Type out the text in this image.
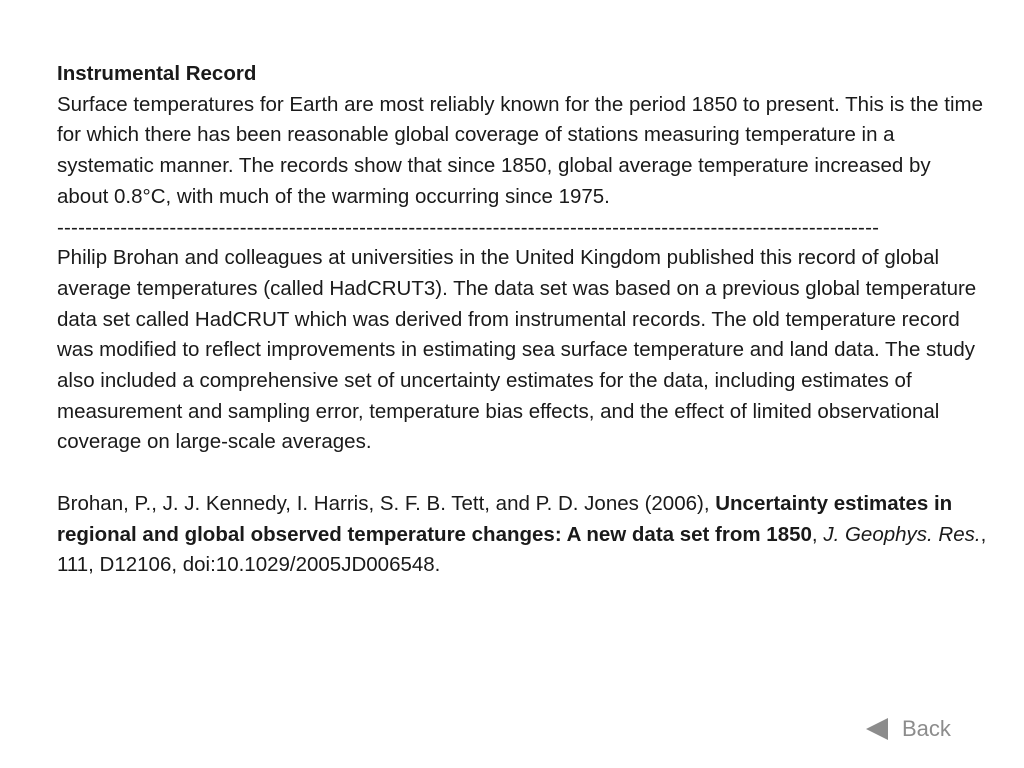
Instrumental Record
Surface temperatures for Earth are most reliably known for the period 1850 to present. This is the time for which there has been reasonable global coverage of stations measuring temperature in a systematic manner. The records show that since 1850, global average temperature increased by about 0.8°C, with much of the warming occurring since 1975.
---------------------------------------------------------------------------------------------------------------------
Philip Brohan and colleagues at universities in the United Kingdom published this record of global average temperatures (called HadCRUT3). The data set was based on a previous global temperature data set called HadCRUT which was derived from instrumental records. The old temperature record was modified to reflect improvements in estimating sea surface temperature and land data. The study also included a comprehensive set of uncertainty estimates for the data, including estimates of measurement and sampling error, temperature bias effects, and the effect of limited observational coverage on large-scale averages.
Brohan, P., J. J. Kennedy, I. Harris, S. F. B. Tett, and P. D. Jones (2006), Uncertainty estimates in regional and global observed temperature changes: A new data set from 1850, J. Geophys. Res., 111, D12106, doi:10.1029/2005JD006548.
Back
